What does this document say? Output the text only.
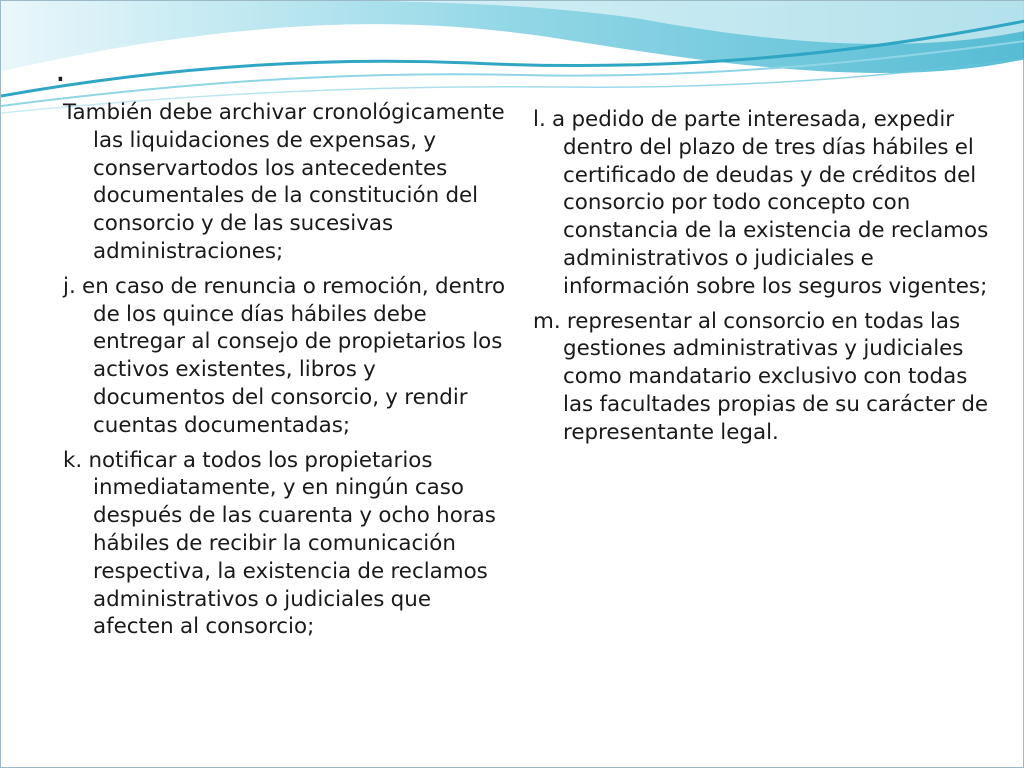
.

También debe archivar cronológicamente las liquidaciones de expensas, y conservartodos los antecedentes documentales de la constitución del consorcio y de las sucesivas administraciones;

j. en caso de renuncia o remoción, dentro de los quince días hábiles debe entregar al consejo de propietarios los activos existentes, libros y documentos del consorcio, y rendir cuentas documentadas;

k. notificar a todos los propietarios inmediatamente, y en ningún caso después de las cuarenta y ocho horas hábiles de recibir la comunicación respectiva, la existencia de reclamos administrativos o judiciales que afecten al consorcio;

l. a pedido de parte interesada, expedir dentro del plazo de tres días hábiles el certificado de deudas y de créditos del consorcio por todo concepto con constancia de la existencia de reclamos administrativos o judiciales e información sobre los seguros vigentes;

m. representar al consorcio en todas las gestiones administrativas y judiciales como mandatario exclusivo con todas las facultades propias de su carácter de representante legal.
